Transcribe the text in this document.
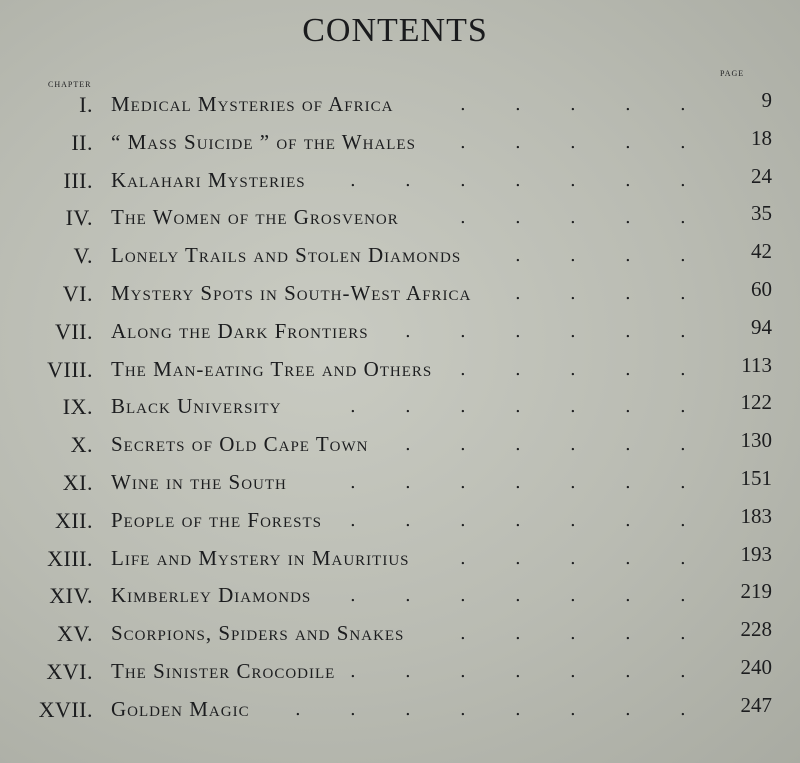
CONTENTS
CHAPTER
PAGE
.	.	.	.	.
I. Medical Mysteries of Africa	9
.	.	.	.	.
II. “ Mass Suicide ” of the Whales	18
.	.	.	.	.
.	.
III. Kalahari Mysteries	24
.	.	.	.	.
IV. The Women of the Grosvenor	35
.	.	.	.
V. Lonely Trails and Stolen Diamonds	42
.	.	.	.
VI. Mystery Spots in South-West Africa	60
.	.	.	.	.
.
VII. Along the Dark Frontiers	94
.	.	.	.	.
VIII. The Man-eating Tree and Others	113
.	.	.	.	.
.	.
IX. Black University	122
.	.	.	.	.
.
X. Secrets of Old Cape Town	130
.	.	.	.	.
.	.
XI. Wine in the South	151
.	.	.	.	.
.	.
XII. People of the Forests	183
.	.	.	.	.
XIII. Life and Mystery in Mauritius	193
.	.	.	.	.
.	.
XIV. Kimberley Diamonds	219
.	.	.	.	.
XV. Scorpions, Spiders and Snakes	228
.	.	.	.	.
.	.
XVI. The Sinister Crocodile	240
.	.	.	.	.
.	.	.
XVII. Golden Magic	247
